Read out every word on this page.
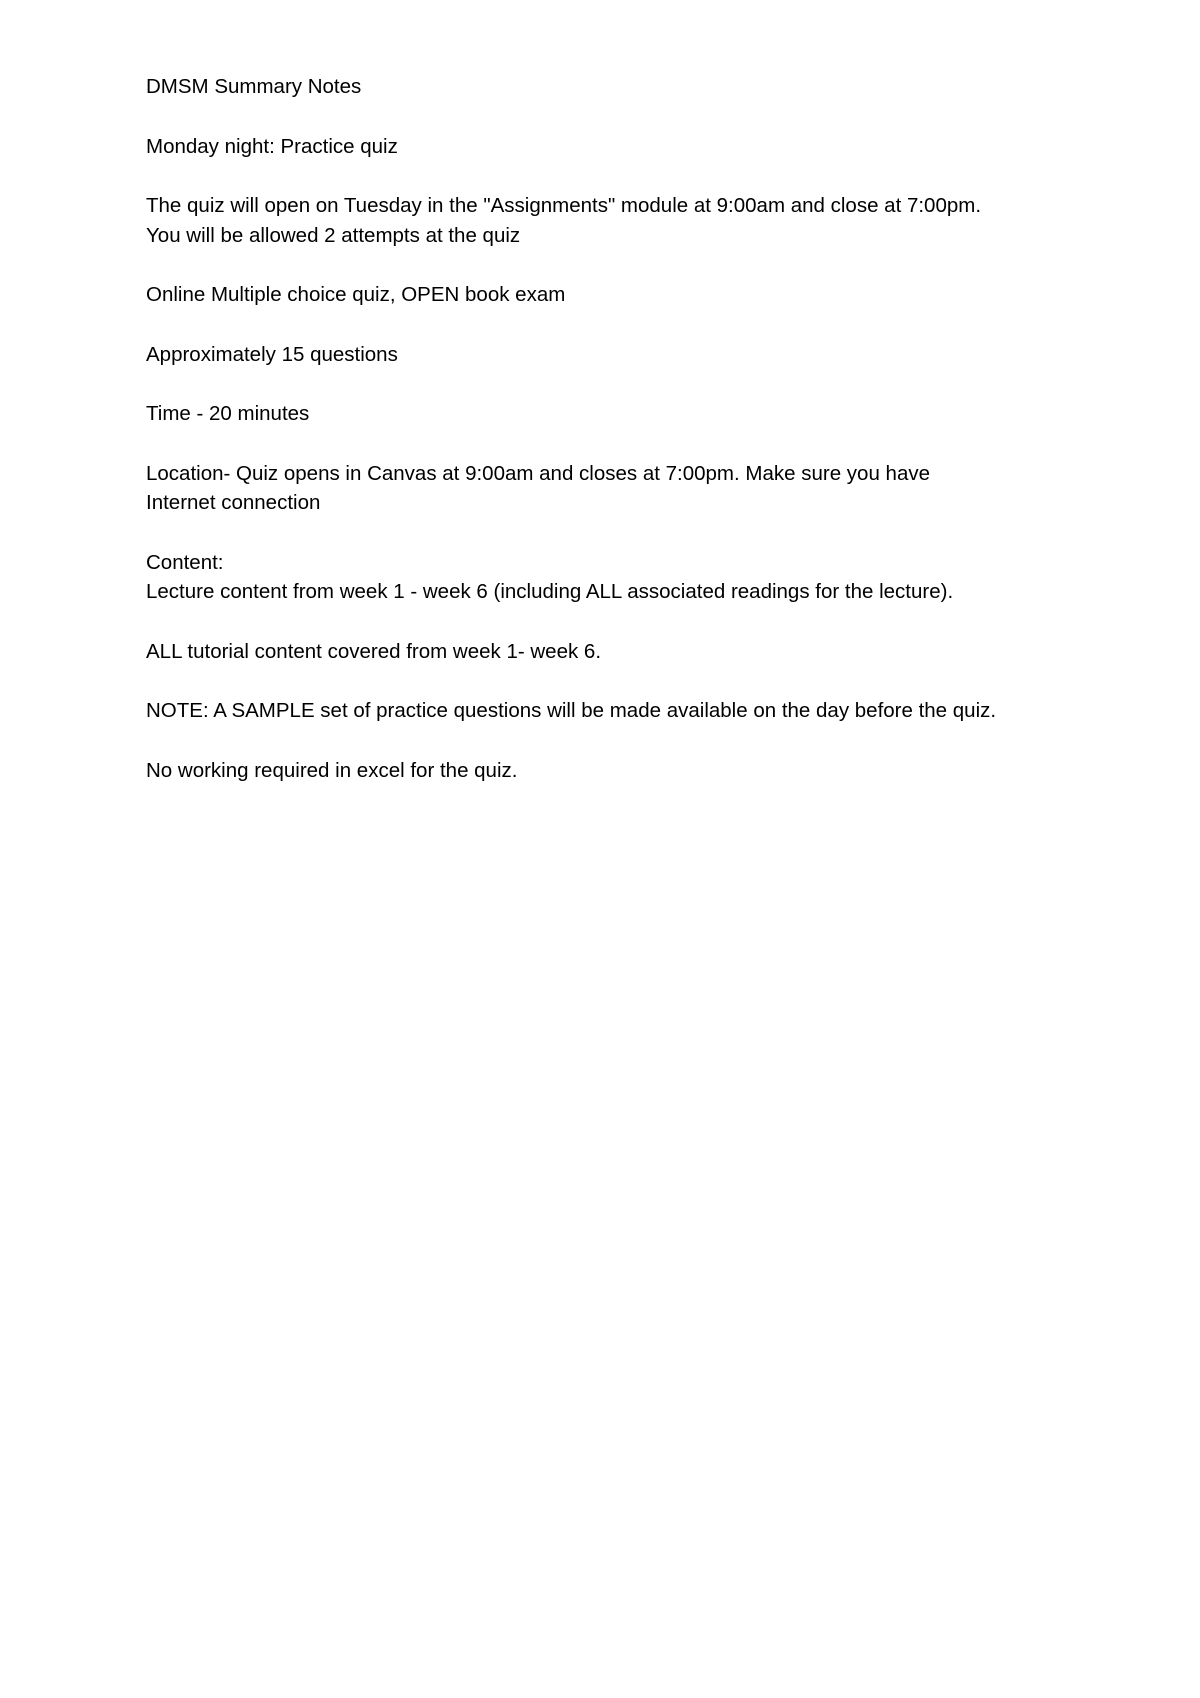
DMSM Summary Notes

Monday night: Practice quiz

The quiz will open on Tuesday in the "Assignments" module at 9:00am and close at 7:00pm.
You will be allowed 2 attempts at the quiz

Online Multiple choice quiz, OPEN book exam

Approximately 15 questions

Time - 20 minutes

Location- Quiz opens in Canvas at 9:00am and closes at 7:00pm. Make sure you have
Internet connection

Content:
Lecture content from week 1 - week 6 (including ALL associated readings for the lecture).

ALL tutorial content covered from week 1- week 6.

NOTE: A SAMPLE set of practice questions will be made available on the day before the quiz.

No working required in excel for the quiz.
